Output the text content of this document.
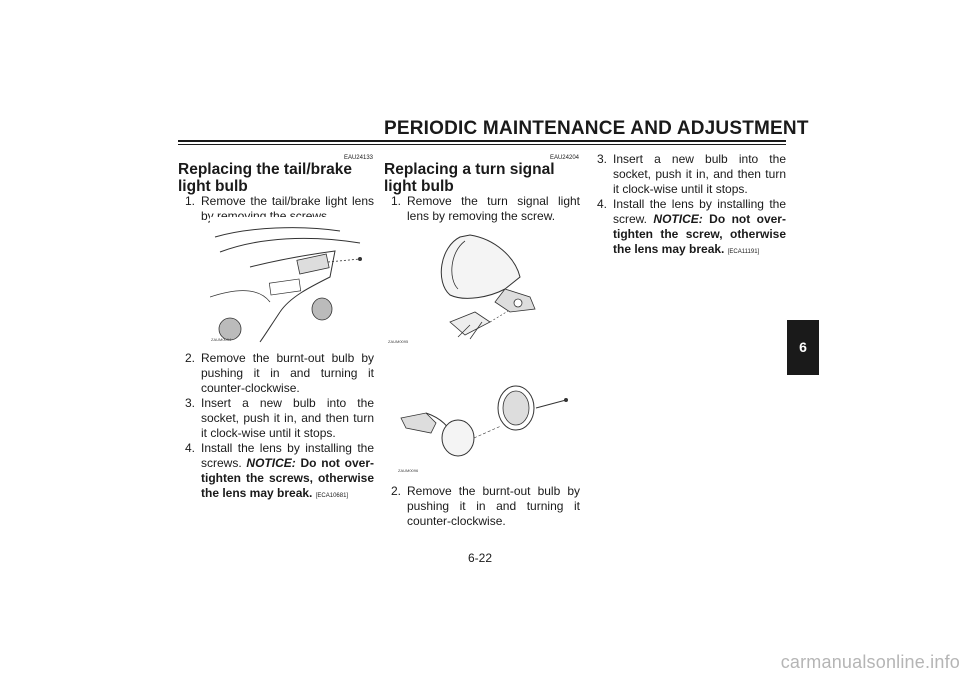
PERIODIC MAINTENANCE AND ADJUSTMENT
EAU24133
Replacing the tail/brake light bulb
1. Remove the tail/brake light lens by removing the screws.
ZAUM0094
2. Remove the burnt-out bulb by pushing it in and turning it counter-clockwise.
3. Insert a new bulb into the socket, push it in, and then turn it clock-wise until it stops.
4. Install the lens by installing the screws. NOTICE: Do not over-tighten the screws, otherwise the lens may break. [ECA10681]
EAU24204
Replacing a turn signal light bulb
1. Remove the turn signal light lens by removing the screw.
ZAUM0095
ZAUM0096
2. Remove the burnt-out bulb by pushing it in and turning it counter-clockwise.
3. Insert a new bulb into the socket, push it in, and then turn it clock-wise until it stops.
4. Install the lens by installing the screw. NOTICE: Do not over-tighten the screw, otherwise the lens may break. [ECA11191]
6
6-22
carmanualsonline.info
